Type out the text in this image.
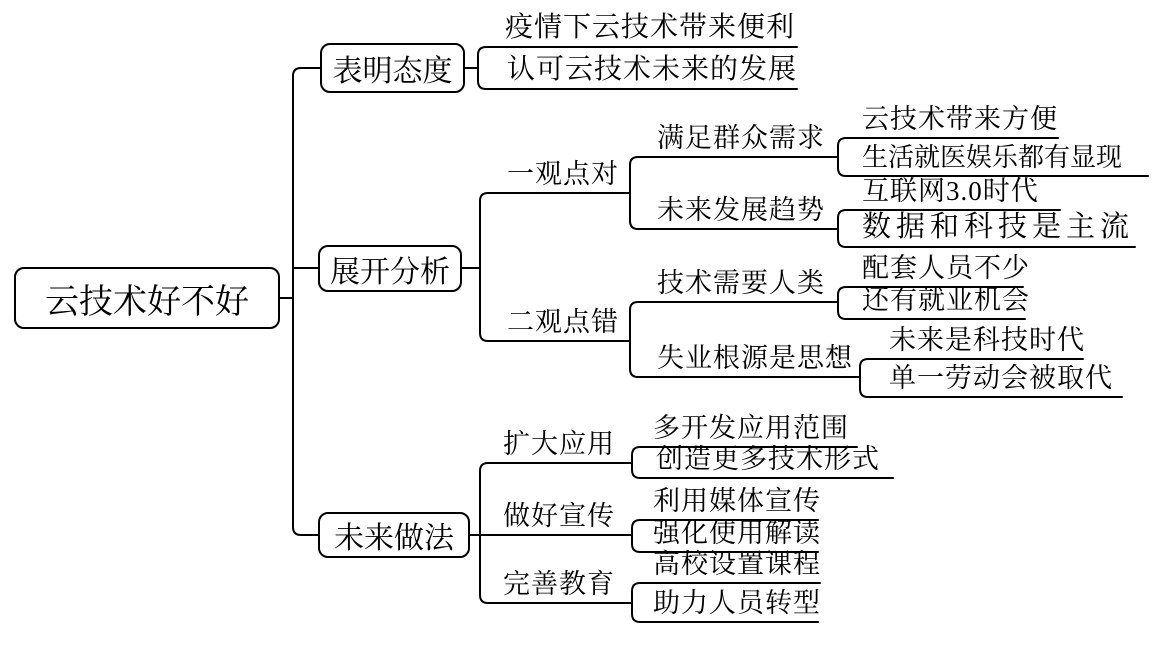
云技术好不好
表明态度
展开分析
未来做法
疫情下云技术带来便利
认可云技术未来的发展
一观点对
满足群众需求
云技术带来方便
生活就医娱乐都有显现
未来发展趋势
互联网3.0时代
数据和科技是主流
二观点错
技术需要人类 配套人员不少
还有就业机会
失业根源是思想
未来是科技时代
单一劳动会被取代
扩大应用
多开发应用范围
创造更多技术形式
做好宣传 利用媒体宣传
强化使用解读
完善教育
高校设置课程
助力人员转型
